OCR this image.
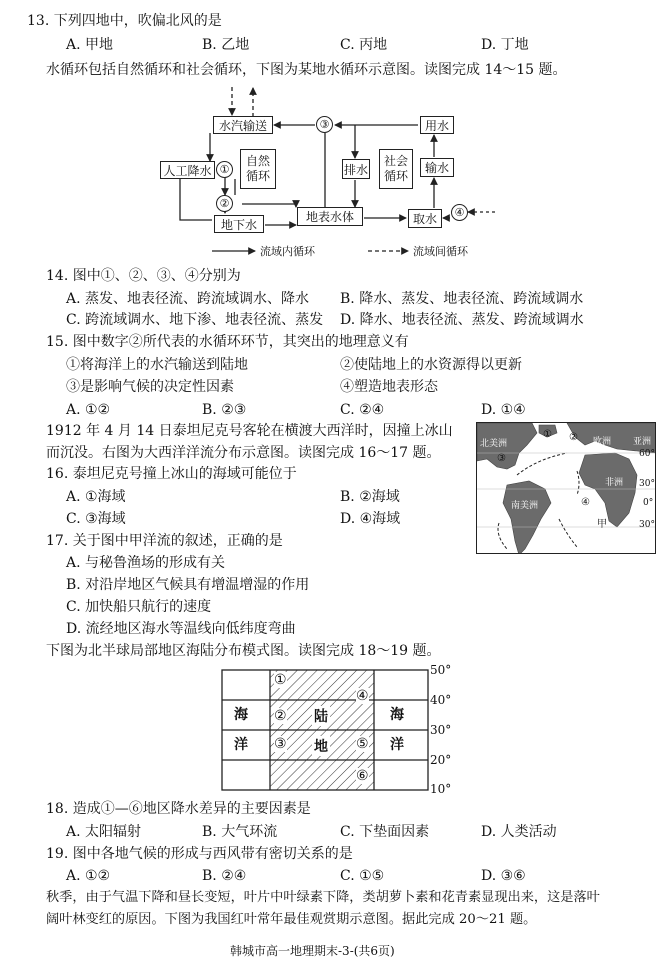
13. 下列四地中，吹偏北风的是
A. 甲地	B. 乙地	C. 丙地	D. 丁地
水循环包括自然循环和社会循环，下图为某地水循环示意图。读图完成 14～15 题。
水汽输送
人工降水 ①
②
地下水
地表水体
③
排水
用水
输水
取水	④
自然
循环
社会
循环
流域内循环	流域间循环
14. 图中①、②、③、④分别为
A. 蒸发、地表径流、跨流域调水、降水 B. 降水、蒸发、地表径流、跨流域调水
C. 跨流域调水、地下渗、地表径流、蒸发 D. 降水、地表径流、蒸发、跨流域调水
15. 图中数字②所代表的水循环环节，其突出的地理意义有
①将海洋上的水汽输送到陆地	②使陆地上的水资源得以更新
③是影响气候的决定性因素	④塑造地表形态
A. ①②	B. ②③	C. ②④	D. ①④
1912 年 4 月 14 日泰坦尼克号客轮在横渡大西洋时，因撞上冰山
而沉没。右图为大西洋洋流分布示意图。读图完成 16～17 题。
北美洲	欧洲 亚洲
非洲
南美洲
甲
① ②
③
④
60°
30°
0°
30°
16. 泰坦尼克号撞上冰山的海域可能位于
A. ①海域	B. ②海域
C. ③海域	D. ④海域
17. 关于图中甲洋流的叙述，正确的是
A. 与秘鲁渔场的形成有关
B. 对沿岸地区气候具有增温增湿的作用
C. 加快船只航行的速度
D. 流经地区海水等温线向低纬度弯曲
下图为北半球局部地区海陆分布模式图。读图完成 18～19 题。
海
洋
海
洋
陆
地
①
②
③
④
⑤
⑥
50°
40°
30°
20°
10°
18. 造成①—⑥地区降水差异的主要因素是
A. 太阳辐射	B. 大气环流	C. 下垫面因素	D. 人类活动
19. 图中各地气候的形成与西风带有密切关系的是
A. ①②	B. ②④	C. ①⑤	D. ③⑥
秋季，由于气温下降和昼长变短，叶片中叶绿素下降，类胡萝卜素和花青素显现出来，这是落叶
阔叶林变红的原因。下图为我国红叶常年最佳观赏期示意图。据此完成 20～21 题。
韩城市高一地理期末-3-(共6页)
